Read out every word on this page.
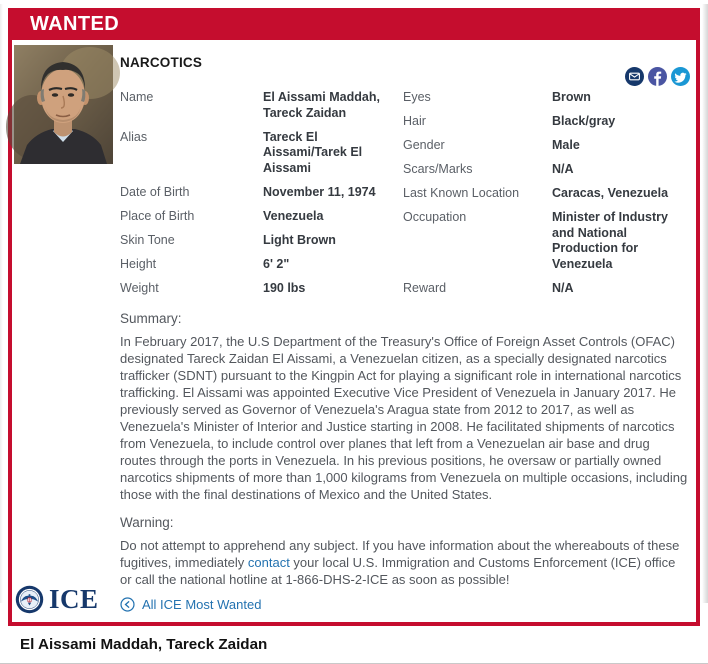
WANTED
NARCOTICS
Name	El Aissami Maddah, Tareck Zaidan
Alias	Tareck El Aissami/Tarek El Aissami
Date of Birth	November 11, 1974
Place of Birth	Venezuela
Skin Tone	Light Brown
Height	6' 2"
Weight	190 lbs
Eyes	Brown
Hair	Black/gray
Gender	Male
Scars/Marks	N/A
Last Known Location	Caracas, Venezuela
Occupation	Minister of Industry and National Production for Venezuela
Reward	N/A
Summary:
In February 2017, the U.S Department of the Treasury's Office of Foreign Asset Controls (OFAC) designated Tareck Zaidan El Aissami, a Venezuelan citizen, as a specially designated narcotics trafficker (SDNT) pursuant to the Kingpin Act for playing a significant role in international narcotics trafficking. El Aissami was appointed Executive Vice President of Venezuela in January 2017. He previously served as Governor of Venezuela's Aragua state from 2012 to 2017, as well as Venezuela's Minister of Interior and Justice starting in 2008. He facilitated shipments of narcotics from Venezuela, to include control over planes that left from a Venezuelan air base and drug routes through the ports in Venezuela. In his previous positions, he oversaw or partially owned narcotics shipments of more than 1,000 kilograms from Venezuela on multiple occasions, including those with the final destinations of Mexico and the United States.
Warning:
Do not attempt to apprehend any subject. If you have information about the whereabouts of these fugitives, immediately contact your local U.S. Immigration and Customs Enforcement (ICE) office or call the national hotline at 1-866-DHS-2-ICE as soon as possible!
All ICE Most Wanted
ICE
El Aissami Maddah, Tareck Zaidan
